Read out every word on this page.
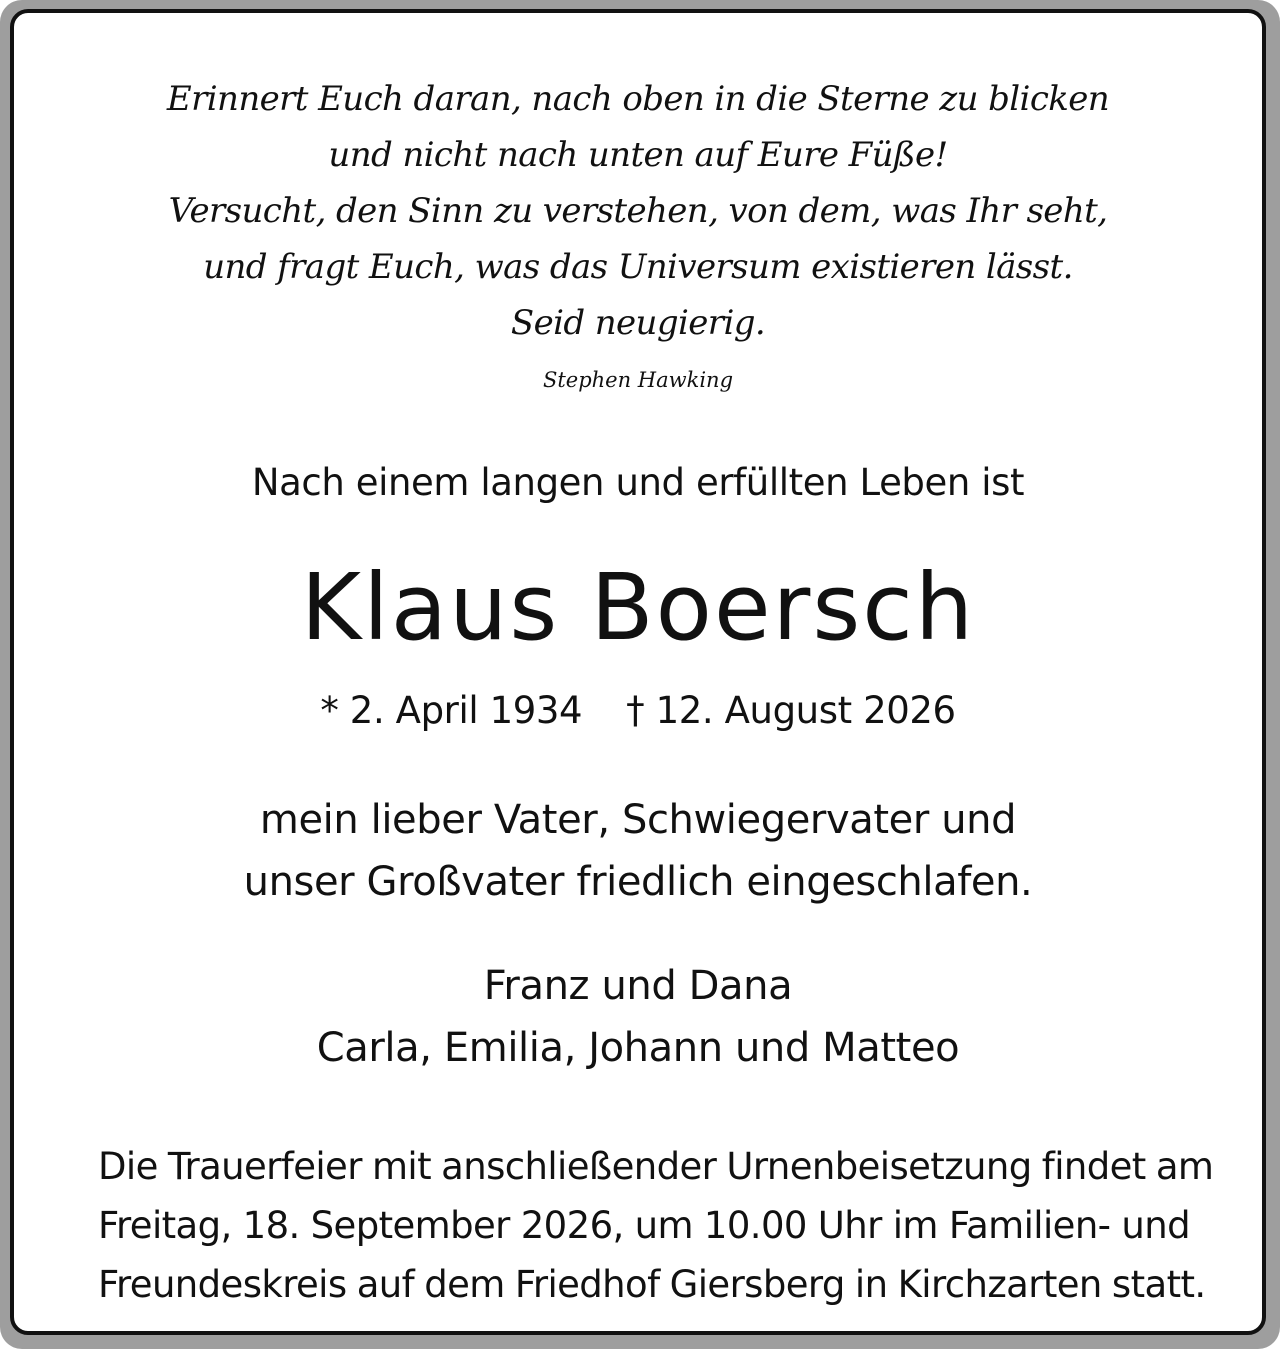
Erinnert Euch daran, nach oben in die Sterne zu blicken
und nicht nach unten auf Eure Füße!
Versucht, den Sinn zu verstehen, von dem, was Ihr seht,
und fragt Euch, was das Universum existieren lässt.
Seid neugierig.
Stephen Hawking
Nach einem langen und erfüllten Leben ist
Klaus Boersch
* 2. April 1934 † 12. August 2026
mein lieber Vater, Schwiegervater und
unser Großvater friedlich eingeschlafen.
Franz und Dana
Carla, Emilia, Johann und Matteo
Die Trauerfeier mit anschließender Urnenbeisetzung findet am
Freitag, 18. September 2026, um 10.00 Uhr im Familien- und
Freundeskreis auf dem Friedhof Giersberg in Kirchzarten statt.
